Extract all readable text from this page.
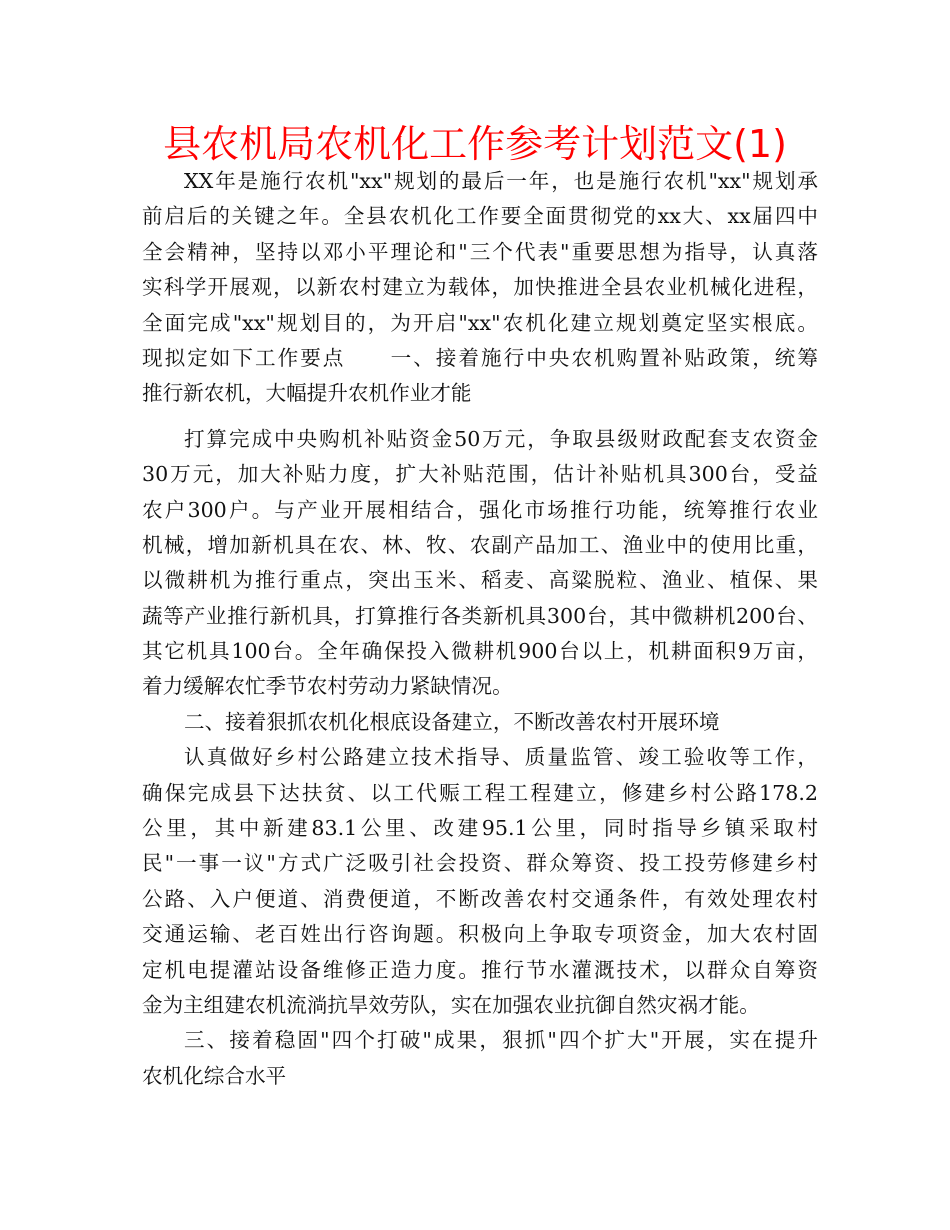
县农机局农机化工作参考计划范文(1)
XX年是施行农机"xx"规划的最后一年，也是施行农机"xx"规划承
前启后的关键之年。全县农机化工作要全面贯彻党的xx大、xx届四中
全会精神，坚持以邓小平理论和"三个代表"重要思想为指导，认真落
实科学开展观，以新农村建立为载体，加快推进全县农业机械化进程，
全面完成"xx"规划目的，为开启"xx"农机化建立规划奠定坚实根底。
现拟定如下工作要点　　一、接着施行中央农机购置补贴政策，统筹
推行新农机，大幅提升农机作业才能
打算完成中央购机补贴资金50万元，争取县级财政配套支农资金
30万元，加大补贴力度，扩大补贴范围，估计补贴机具300台，受益
农户300户。与产业开展相结合，强化市场推行功能，统筹推行农业
机械，增加新机具在农、林、牧、农副产品加工、渔业中的使用比重，
以微耕机为推行重点，突出玉米、稻麦、高粱脱粒、渔业、植保、果
蔬等产业推行新机具，打算推行各类新机具300台，其中微耕机200台、
其它机具100台。全年确保投入微耕机900台以上，机耕面积9万亩，
着力缓解农忙季节农村劳动力紧缺情况。
二、接着狠抓农机化根底设备建立，不断改善农村开展环境
认真做好乡村公路建立技术指导、质量监管、竣工验收等工作，
确保完成县下达扶贫、以工代赈工程工程建立，修建乡村公路178.2
公里，其中新建83.1公里、改建95.1公里，同时指导乡镇采取村
民"一事一议"方式广泛吸引社会投资、群众筹资、投工投劳修建乡村
公路、入户便道、消费便道，不断改善农村交通条件，有效处理农村
交通运输、老百姓出行咨询题。积极向上争取专项资金，加大农村固
定机电提灌站设备维修正造力度。推行节水灌溉技术，以群众自筹资
金为主组建农机流淌抗旱效劳队，实在加强农业抗御自然灾祸才能。
三、接着稳固"四个打破"成果，狠抓"四个扩大"开展，实在提升
农机化综合水平
